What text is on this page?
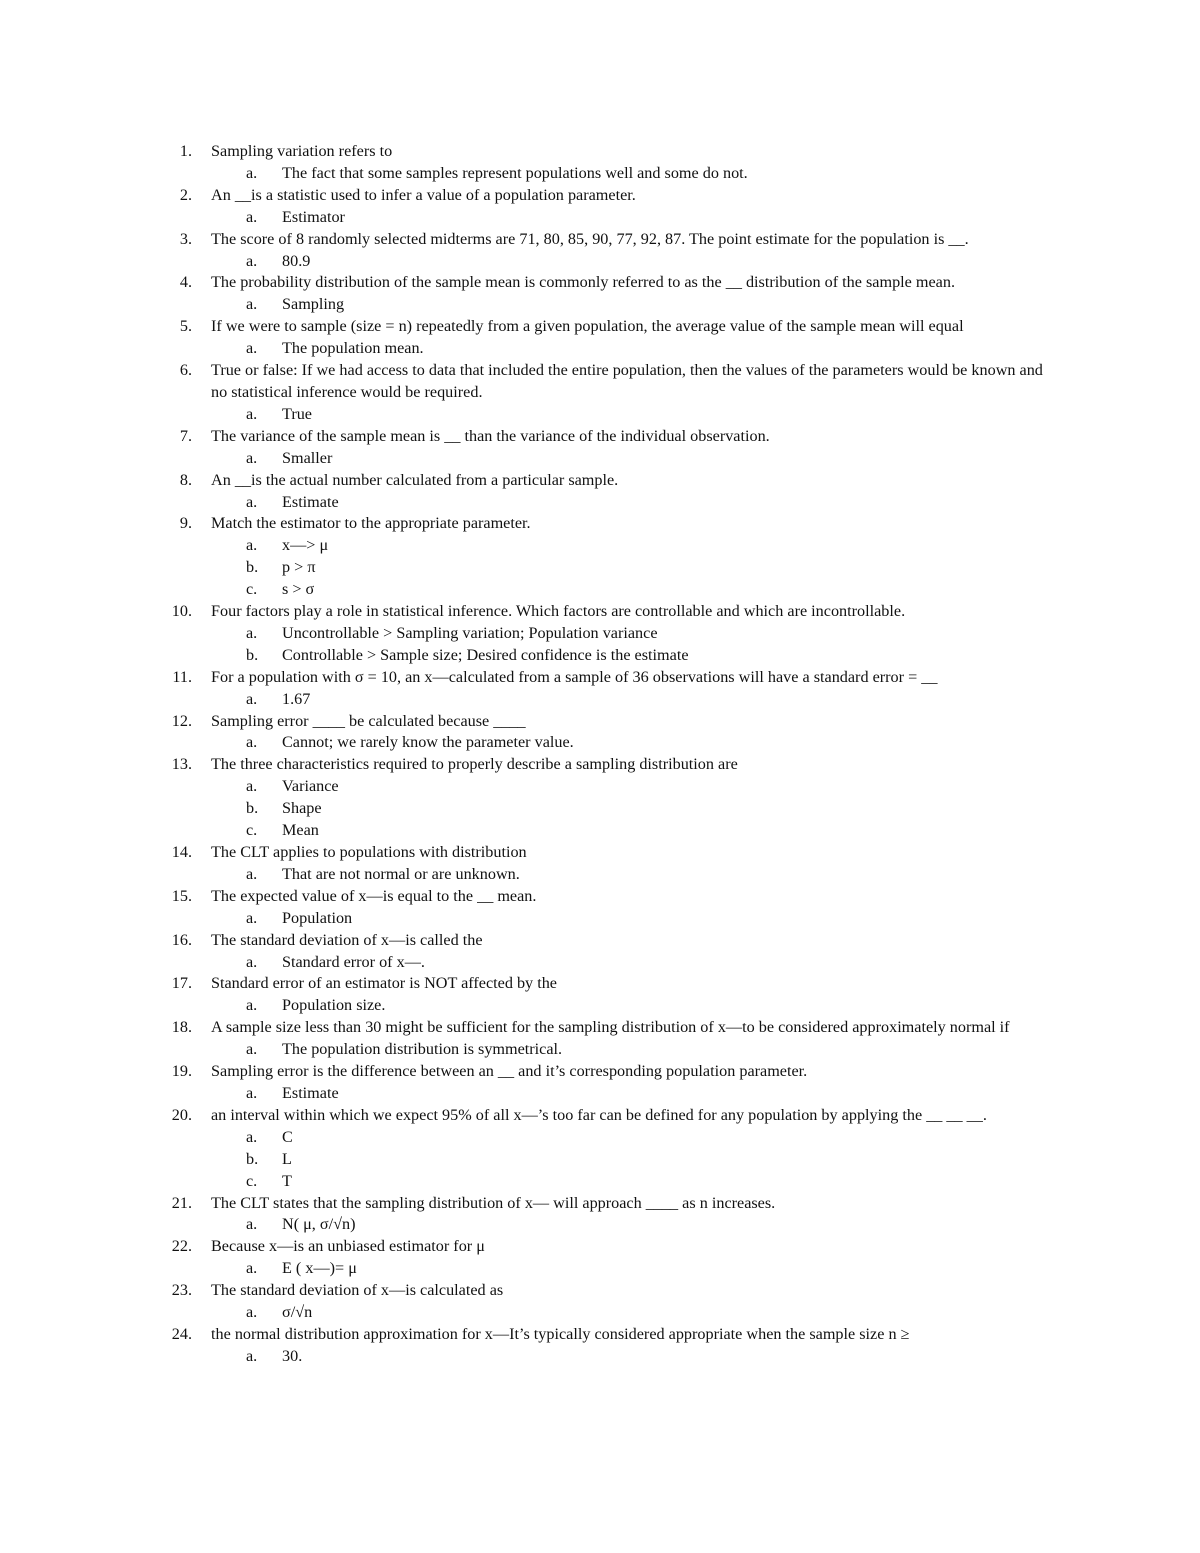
1. Sampling variation refers to
a. The fact that some samples represent populations well and some do not.
2. An __is a statistic used to infer a value of a population parameter.
a. Estimator
3. The score of 8 randomly selected midterms are 71, 80, 85, 90, 77, 92, 87. The point estimate for the population is __.
a. 80.9
4. The probability distribution of the sample mean is commonly referred to as the __ distribution of the sample mean.
a. Sampling
5. If we were to sample (size = n) repeatedly from a given population, the average value of the sample mean will equal
a. The population mean.
6. True or false: If we had access to data that included the entire population, then the values of the parameters would be known and no statistical inference would be required.
a. True
7. The variance of the sample mean is __ than the variance of the individual observation.
a. Smaller
8. An __is the actual number calculated from a particular sample.
a. Estimate
9. Match the estimator to the appropriate parameter.
a. x—> μ
b. p > π
c. s > σ
10. Four factors play a role in statistical inference. Which factors are controllable and which are incontrollable.
a. Uncontrollable > Sampling variation; Population variance
b. Controllable > Sample size; Desired confidence is the estimate
11. For a population with σ = 10, an x—calculated from a sample of 36 observations will have a standard error = __
a. 1.67
12. Sampling error ____ be calculated because ____
a. Cannot; we rarely know the parameter value.
13. The three characteristics required to properly describe a sampling distribution are
a. Variance
b. Shape
c. Mean
14. The CLT applies to populations with distribution
a. That are not normal or are unknown.
15. The expected value of x—is equal to the __ mean.
a. Population
16. The standard deviation of x—is called the
a. Standard error of x—.
17. Standard error of an estimator is NOT affected by the
a. Population size.
18. A sample size less than 30 might be sufficient for the sampling distribution of x—to be considered approximately normal if
a. The population distribution is symmetrical.
19. Sampling error is the difference between an __ and it’s corresponding population parameter.
a. Estimate
20. an interval within which we expect 95% of all x—’s too far can be defined for any population by applying the __ __ __.
a. C
b. L
c. T
21. The CLT states that the sampling distribution of x— will approach ____ as n increases.
a. N( μ, σ/√n)
22. Because x—is an unbiased estimator for μ
a. E ( x—)= μ
23. The standard deviation of x—is calculated as
a. σ/√n
24. the normal distribution approximation for x—It’s typically considered appropriate when the sample size n ≥
a. 30.
